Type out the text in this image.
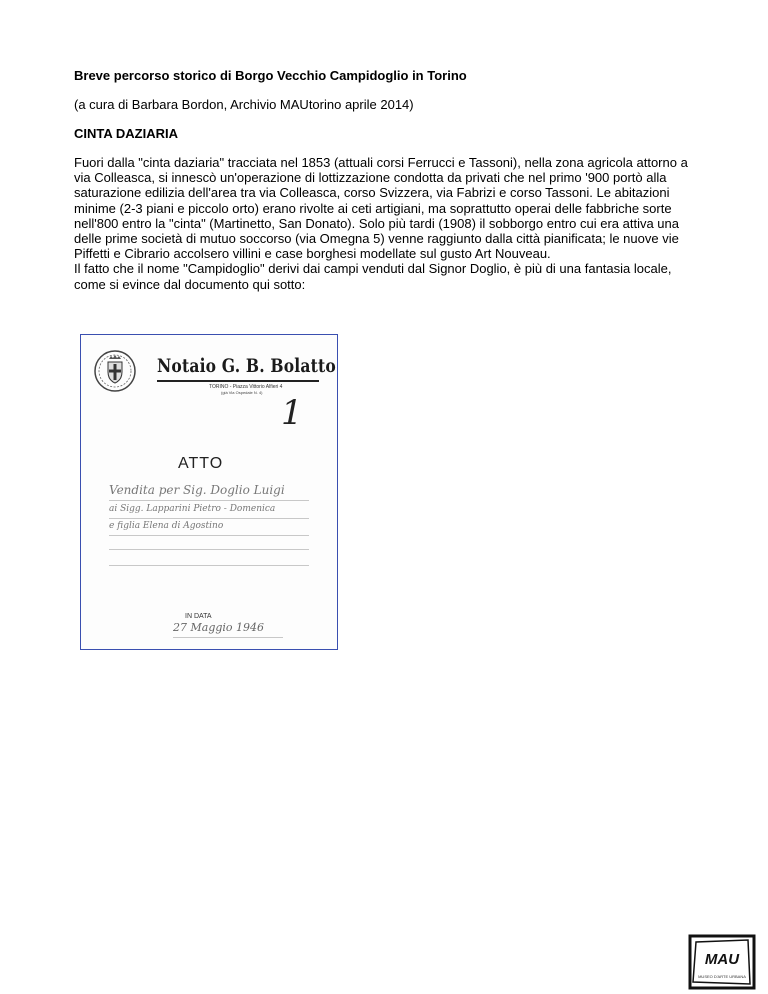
Breve percorso storico di Borgo Vecchio Campidoglio in Torino
(a cura di Barbara Bordon, Archivio MAUtorino aprile 2014)
CINTA DAZIARIA

Fuori dalla "cinta daziaria" tracciata nel 1853 (attuali corsi Ferrucci e Tassoni), nella zona agricola attorno a via Colleasca, si innescò un'operazione di lottizzazione condotta da privati che nel primo '900 portò alla saturazione edilizia dell'area tra via Colleasca, corso Svizzera, via Fabrizi e corso Tassoni. Le abitazioni minime (2-3 piani e piccolo orto) erano rivolte ai ceti artigiani, ma soprattutto operai delle fabbriche sorte nell'800 entro la "cinta" (Martinetto, San Donato). Solo più tardi (1908) il sobborgo entro cui era attiva una delle prime società di mutuo soccorso (via Omegna 5) venne raggiunto dalla città pianificata; le nuove vie Piffetti e Cibrario accolsero villini e case borghesi modellate sul gusto Art Nouveau.

Il fatto che il nome "Campidoglio" derivi dai campi venduti dal Signor Doglio, è più di una fantasia locale, come si evince dal documento qui sotto:

Notaio G. B. Bolatto
TORINO - Piazza Vittorio Alfieri 4
(già Via Ospedale N. 4)
1
ATTO
Vendita per Sig. Doglio Luigi
ai Sigg. Lapparini Pietro - Domenica
e figlia Elena di Agostino
IN DATA
27 Maggio 1946
MAU
MUSEO D'ARTE URBANA
